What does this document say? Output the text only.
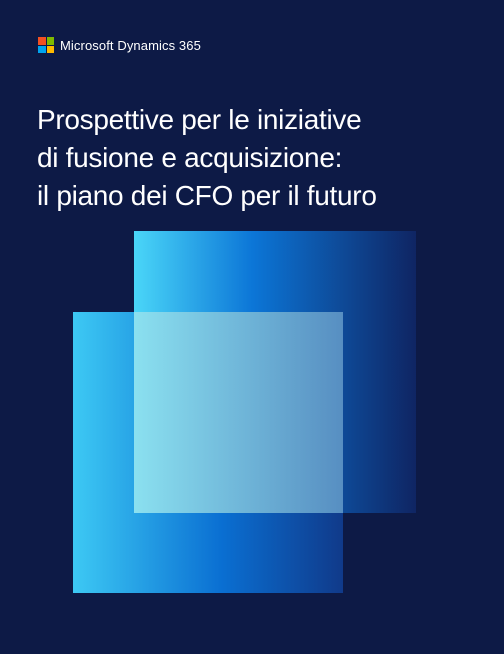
Microsoft Dynamics 365
Prospettive per le iniziative
di fusione e acquisizione:
il piano dei CFO per il futuro
